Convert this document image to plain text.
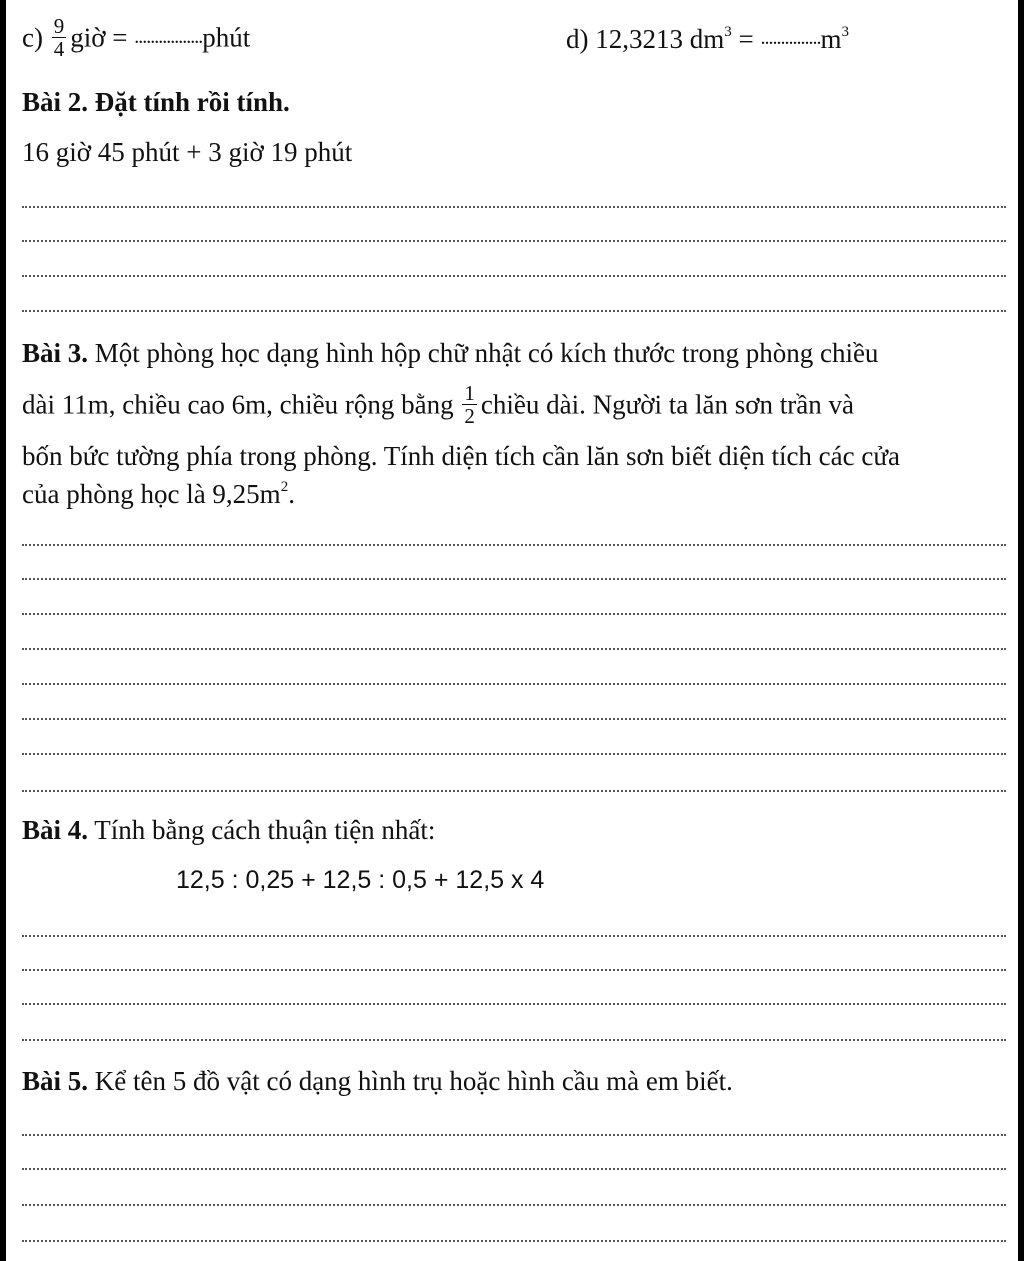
$c) \frac{9}{4}$ giờ = .................phút	d) 12,3213 $dm^3 = ...............m^3$
Bài 2. Đặt tính rồi tính.
16 giờ 45 phút + 3 giờ 19 phút
Bài 3. Một phòng học dạng hình hộp chữ nhật có kích thước trong phòng chiều
dài 11m, chiều cao 6m, chiều rộng bằng $\frac{1}{2}$ chiều dài. Người ta lăn sơn trần và
bốn bức tường phía trong phòng. Tính diện tích cần lăn sơn biết diện tích các cửa
của phòng học là $9,25m^2$.
Bài 4. Tính bằng cách thuận tiện nhất:
12,5 : 0,25 + 12,5 : 0,5 + 12,5 x 4
Bài 5. Kể tên 5 đồ vật có dạng hình trụ hoặc hình cầu mà em biết.
